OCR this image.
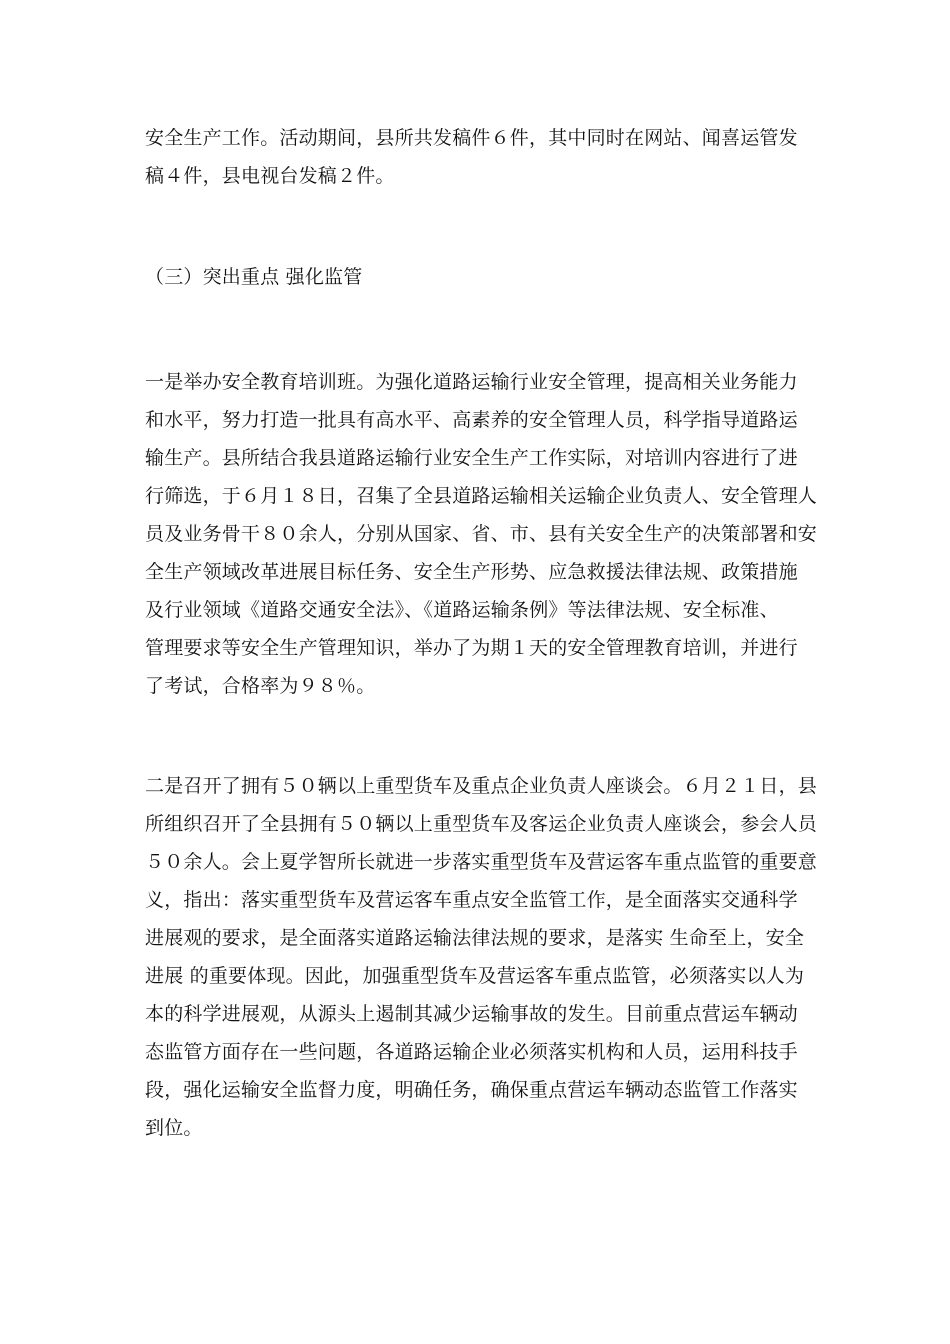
安全生产工作。活动期间，县所共发稿件６件，其中同时在网站、闻喜运管发
稿４件，县电视台发稿２件。
（三）突出重点 强化监管
一是举办安全教育培训班。为强化道路运输行业安全管理，提高相关业务能力
和水平，努力打造一批具有高水平、高素养的安全管理人员，科学指导道路运
输生产。县所结合我县道路运输行业安全生产工作实际，对培训内容进行了进
行筛选，于６月１８日，召集了全县道路运输相关运输企业负责人、安全管理人
员及业务骨干８０余人，分别从国家、省、市、县有关安全生产的决策部署和安
全生产领域改革进展目标任务、安全生产形势、应急救援法律法规、政策措施
及行业领域《道路交通安全法》、《道路运输条例》等法律法规、安全标准、
管理要求等安全生产管理知识，举办了为期１天的安全管理教育培训，并进行
了考试，合格率为９８％。
二是召开了拥有５０辆以上重型货车及重点企业负责人座谈会。６月２１日，县
所组织召开了全县拥有５０辆以上重型货车及客运企业负责人座谈会，参会人员
５０余人。会上夏学智所长就进一步落实重型货车及营运客车重点监管的重要意
义，指出：落实重型货车及营运客车重点安全监管工作，是全面落实交通科学
进展观的要求，是全面落实道路运输法律法规的要求，是落实 生命至上，安全
进展 的重要体现。因此，加强重型货车及营运客车重点监管，必须落实以人为
本的科学进展观，从源头上遏制其减少运输事故的发生。目前重点营运车辆动
态监管方面存在一些问题，各道路运输企业必须落实机构和人员，运用科技手
段，强化运输安全监督力度，明确任务，确保重点营运车辆动态监管工作落实
到位。
